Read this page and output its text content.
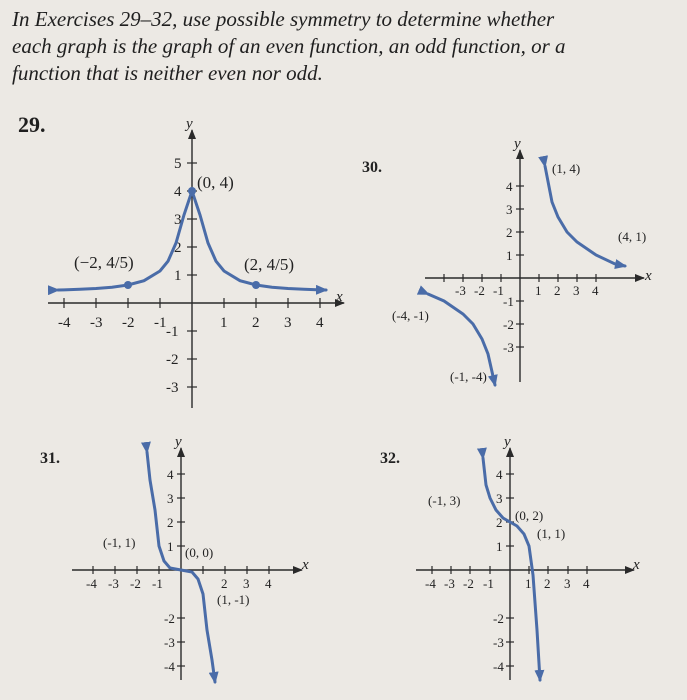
In Exercises 29–32, use possible symmetry to determine whether
each graph is the graph of an even function, an odd function, or a
function that is neither even nor odd.
29.
x
y
-4 -3 -2 -1	1 2 3 4
5
4
3
2
1
-1
-2
-3
(0, 4)
(−2, 4/5)	(2, 4/5)
30.
x
y
-3 -2 -1 1 2 3 4
4
3
2
1
-1
-2
-3
(1, 4)
(4, 1)
(-4, -1)
(-1, -4)
31.
x
y
-4 -3 -2 -1	2 3 4
4
3
2
1
-2
-3
-4
(-1, 1)
(0, 0)
(1, -1)
32.
x
y
-4 -3 -2 -1 1 2 3 4
4
3
2
1
-2
-3
-4
(-1, 3)
(0, 2)
(1, 1)
